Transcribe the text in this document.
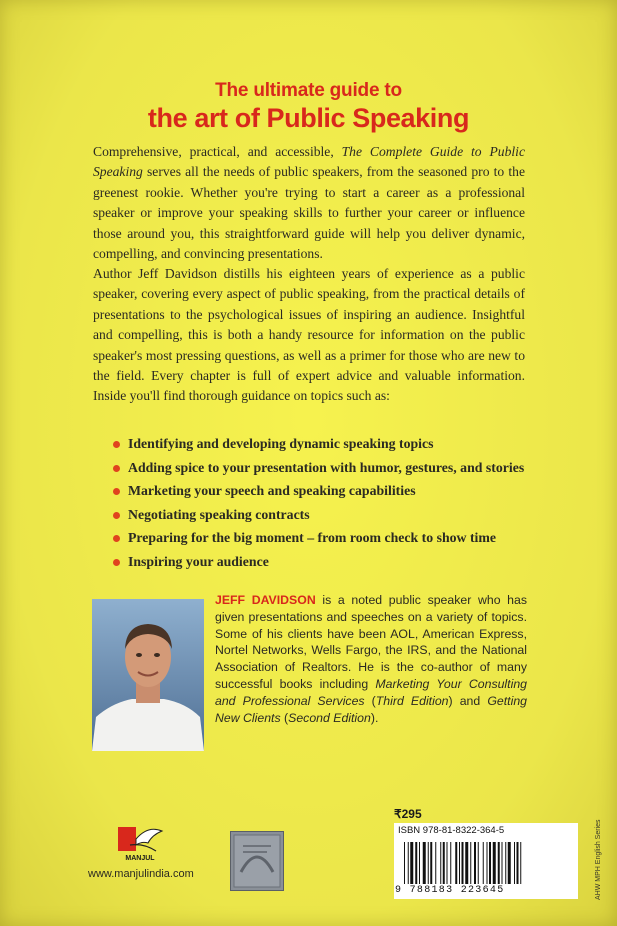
The ultimate guide to
the art of Public Speaking

Comprehensive, practical, and accessible, The Complete Guide to Public Speaking serves all the needs of public speakers, from the seasoned pro to the greenest rookie. Whether you're trying to start a career as a professional speaker or improve your speaking skills to further your career or influence those around you, this straightforward guide will help you deliver dynamic, compelling, and convincing presentations.

Author Jeff Davidson distills his eighteen years of experience as a public speaker, covering every aspect of public speaking, from the practical details of presentations to the psychological issues of inspiring an audience. Insightful and compelling, this is both a handy resource for information on the public speaker's most pressing questions, as well as a primer for those who are new to the field. Every chapter is full of expert advice and valuable information. Inside you'll find thorough guidance on topics such as:

Identifying and developing dynamic speaking topics
Adding spice to your presentation with humor, gestures, and stories
Marketing your speech and speaking capabilities
Negotiating speaking contracts
Preparing for the big moment – from room check to show time
Inspiring your audience

JEFF DAVIDSON is a noted public speaker who has given presentations and speeches on a variety of topics. Some of his clients have been AOL, American Express, Nortel Networks, Wells Fargo, the IRS, and the National Association of Realtors. He is the co-author of many successful books including Marketing Your Consulting and Professional Services (Third Edition) and Getting New Clients (Second Edition).

MANJUL
www.manjulindia.com
₹295
ISBN 978-81-8322-364-5
9 788183 223645	AHW MPH English Series
